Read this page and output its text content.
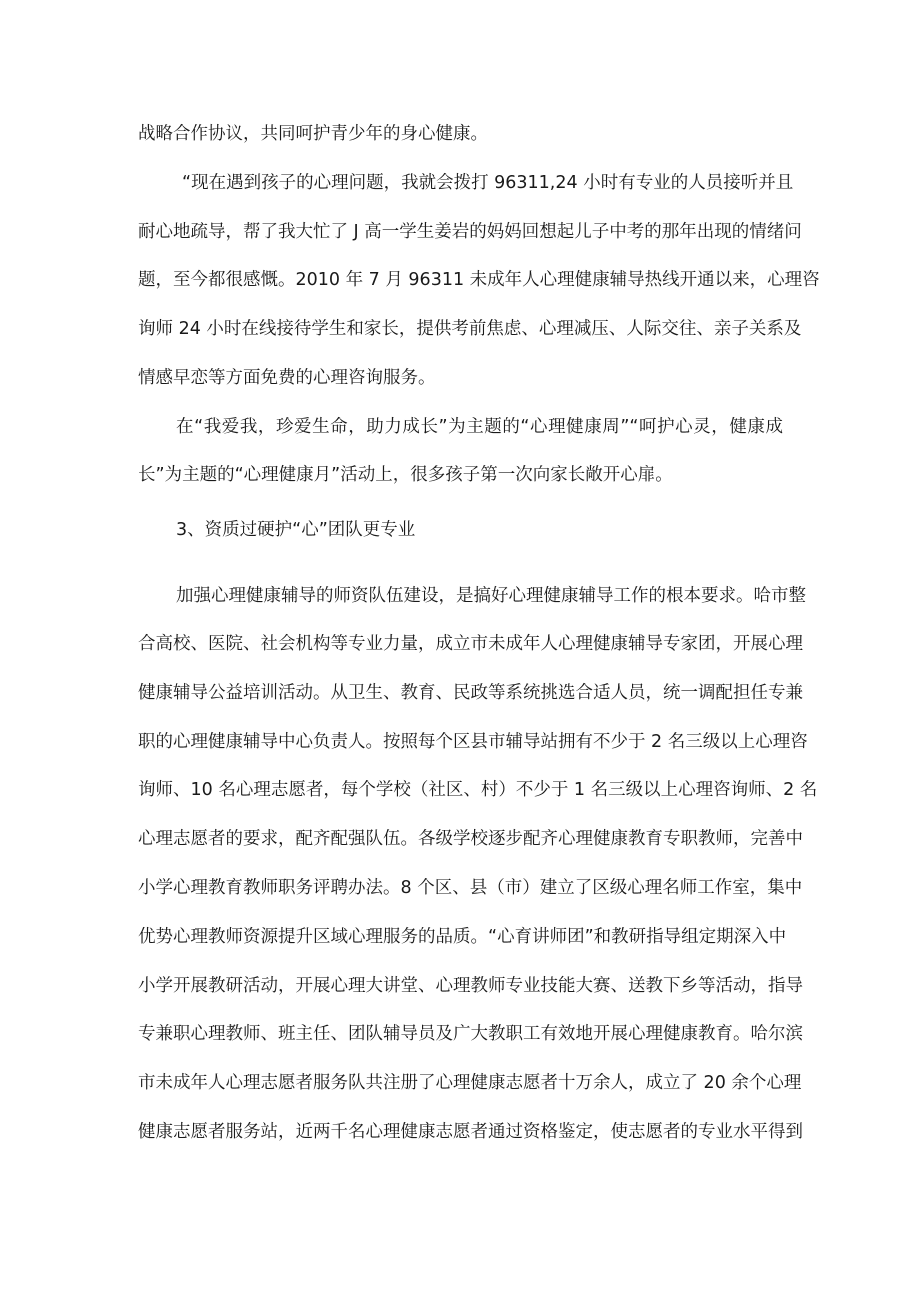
战略合作协议，共同呵护青少年的身心健康。
“现在遇到孩子的心理问题，我就会拨打 96311,24 小时有专业的人员接听并且
耐心地疏导，帮了我大忙了 J 高一学生姜岩的妈妈回想起儿子中考的那年出现的情绪问
题，至今都很感慨。2010 年 7 月 96311 未成年人心理健康辅导热线开通以来，心理咨
询师 24 小时在线接待学生和家长，提供考前焦虑、心理减压、人际交往、亲子关系及
情感早恋等方面免费的心理咨询服务。
在“我爱我，珍爱生命，助力成长”为主题的“心理健康周”“呵护心灵，健康成
长”为主题的“心理健康月”活动上，很多孩子第一次向家长敞开心扉。
3、资质过硬护“心”团队更专业
加强心理健康辅导的师资队伍建设，是搞好心理健康辅导工作的根本要求。哈市整
合高校、医院、社会机构等专业力量，成立市未成年人心理健康辅导专家团，开展心理
健康辅导公益培训活动。从卫生、教育、民政等系统挑选合适人员，统一调配担任专兼
职的心理健康辅导中心负责人。按照每个区县市辅导站拥有不少于 2 名三级以上心理咨
询师、10 名心理志愿者，每个学校（社区、村）不少于 1 名三级以上心理咨询师、2 名
心理志愿者的要求，配齐配强队伍。各级学校逐步配齐心理健康教育专职教师，完善中
小学心理教育教师职务评聘办法。8 个区、县（市）建立了区级心理名师工作室，集中
优势心理教师资源提升区域心理服务的品质。“心育讲师团”和教研指导组定期深入中
小学开展教研活动，开展心理大讲堂、心理教师专业技能大赛、送教下乡等活动，指导
专兼职心理教师、班主任、团队辅导员及广大教职工有效地开展心理健康教育。哈尔滨
市未成年人心理志愿者服务队共注册了心理健康志愿者十万余人，成立了 20 余个心理
健康志愿者服务站，近两千名心理健康志愿者通过资格鉴定，使志愿者的专业水平得到
